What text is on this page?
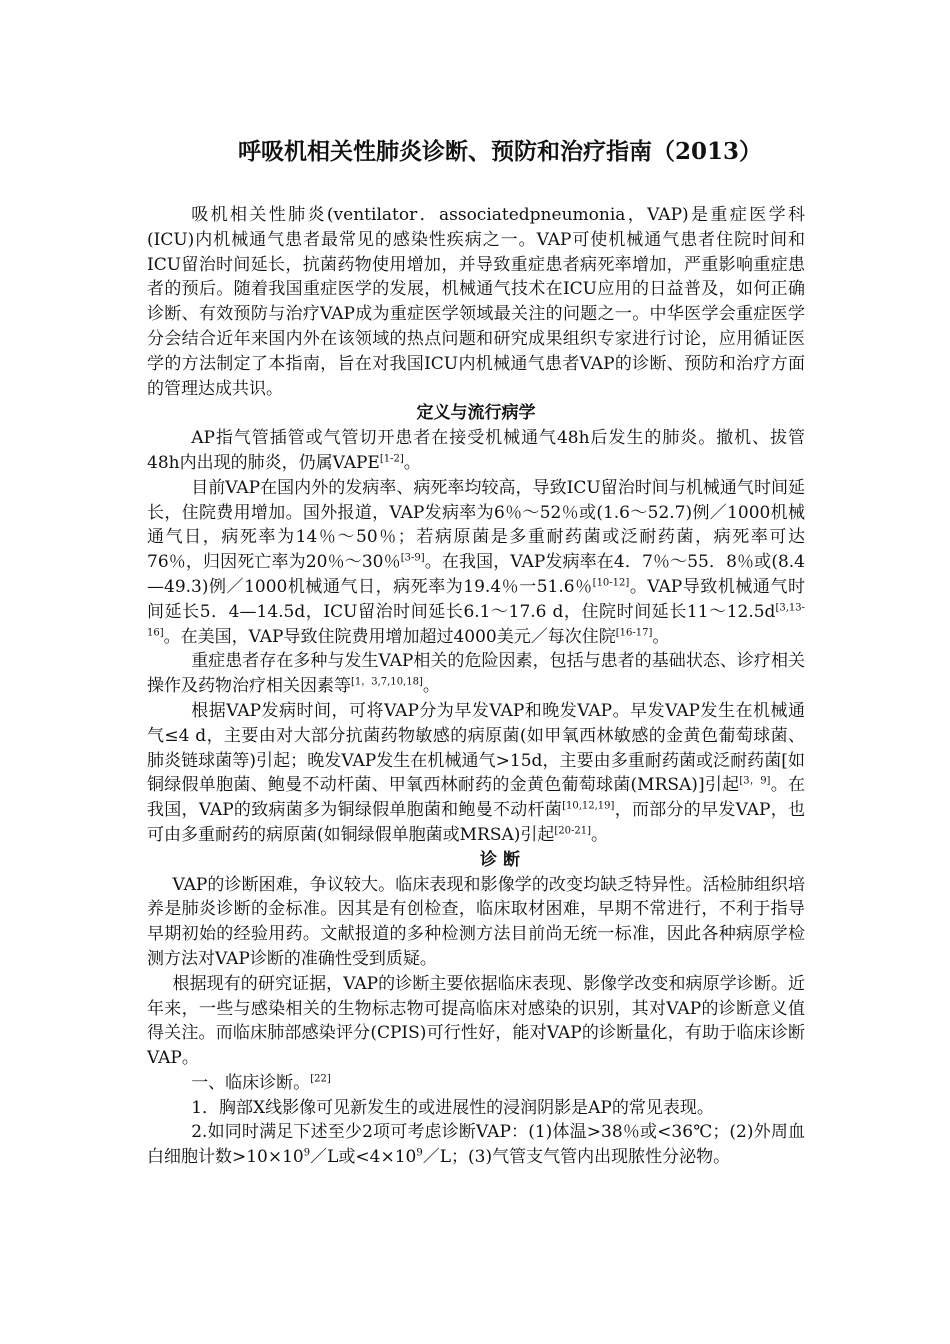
呼吸机相关性肺炎诊断、预防和治疗指南（2013）

吸机相关性肺炎(ventilator．associatedpneumonia，VAP)是重症医学科(ICU)内机械通气患者最常见的感染性疾病之一。VAP可使机械通气患者住院时间和ICU留治时间延长，抗菌药物使用增加，并导致重症患者病死率增加，严重影响重症患者的预后。随着我国重症医学的发展，机械通气技术在ICU应用的日益普及，如何正确诊断、有效预防与治疗VAP成为重症医学领域最关注的问题之一。中华医学会重症医学分会结合近年来国内外在该领域的热点问题和研究成果组织专家进行讨论，应用循证医学的方法制定了本指南，旨在对我国ICU内机械通气患者VAP的诊断、预防和治疗方面的管理达成共识。

定义与流行病学

AP指气管插管或气管切开患者在接受机械通气48h后发生的肺炎。撤机、拔管48h内出现的肺炎，仍属VAPE[1-2]。

目前VAP在国内外的发病率、病死率均较高，导致ICU留治时间与机械通气时间延长，住院费用增加。国外报道，VAP发病率为6％～52％或(1.6～52.7)例／1000机械通气日，病死率为14％～50％；若病原菌是多重耐药菌或泛耐药菌，病死率可达76％，归因死亡率为20％～30％[3-9]。在我国，VAP发病率在4．7％～55．8％或(8.4—49.3)例／1000机械通气日，病死率为19.4％一51.6％[10-12]。VAP导致机械通气时间延长5．4—14.5d，ICU留治时间延长6.1～17.6 d，住院时间延长11～12.5d[3,13-16]。在美国，VAP导致住院费用增加超过4000美元／每次住院[16-17]。

重症患者存在多种与发生VAP相关的危险因素，包括与患者的基础状态、诊疗相关操作及药物治疗相关因素等[1，3,7,10,18]。

根据VAP发病时间，可将VAP分为早发VAP和晚发VAP。早发VAP发生在机械通气≤4 d，主要由对大部分抗菌药物敏感的病原菌(如甲氧西林敏感的金黄色葡萄球菌、肺炎链球菌等)引起；晚发VAP发生在机械通气>15d，主要由多重耐药菌或泛耐药菌[如铜绿假单胞菌、鲍曼不动杆菌、甲氧西林耐药的金黄色葡萄球菌(MRSA)]引起[3，9]。在我国，VAP的致病菌多为铜绿假单胞菌和鲍曼不动杆菌[10,12,19]，而部分的早发VAP，也可由多重耐药的病原菌(如铜绿假单胞菌或MRSA)引起[20-21]。

诊 断

VAP的诊断困难，争议较大。临床表现和影像学的改变均缺乏特异性。活检肺组织培养是肺炎诊断的金标准。因其是有创检查，临床取材困难，早期不常进行，不利于指导早期初始的经验用药。文献报道的多种检测方法目前尚无统一标准，因此各种病原学检测方法对VAP诊断的准确性受到质疑。

根据现有的研究证据，VAP的诊断主要依据临床表现、影像学改变和病原学诊断。近年来，一些与感染相关的生物标志物可提高临床对感染的识别，其对VAP的诊断意义值得关注。而临床肺部感染评分(CPIS)可行性好，能对VAP的诊断量化，有助于临床诊断VAP。

一、临床诊断。[22]

1．胸部X线影像可见新发生的或进展性的浸润阴影是AP的常见表现。

2.如同时满足下述至少2项可考虑诊断VAP：(1)体温>38％或<36℃；(2)外周血白细胞计数>10×10$^9$／L或<4×10$^9$／L；(3)气管支气管内出现脓性分泌物。
